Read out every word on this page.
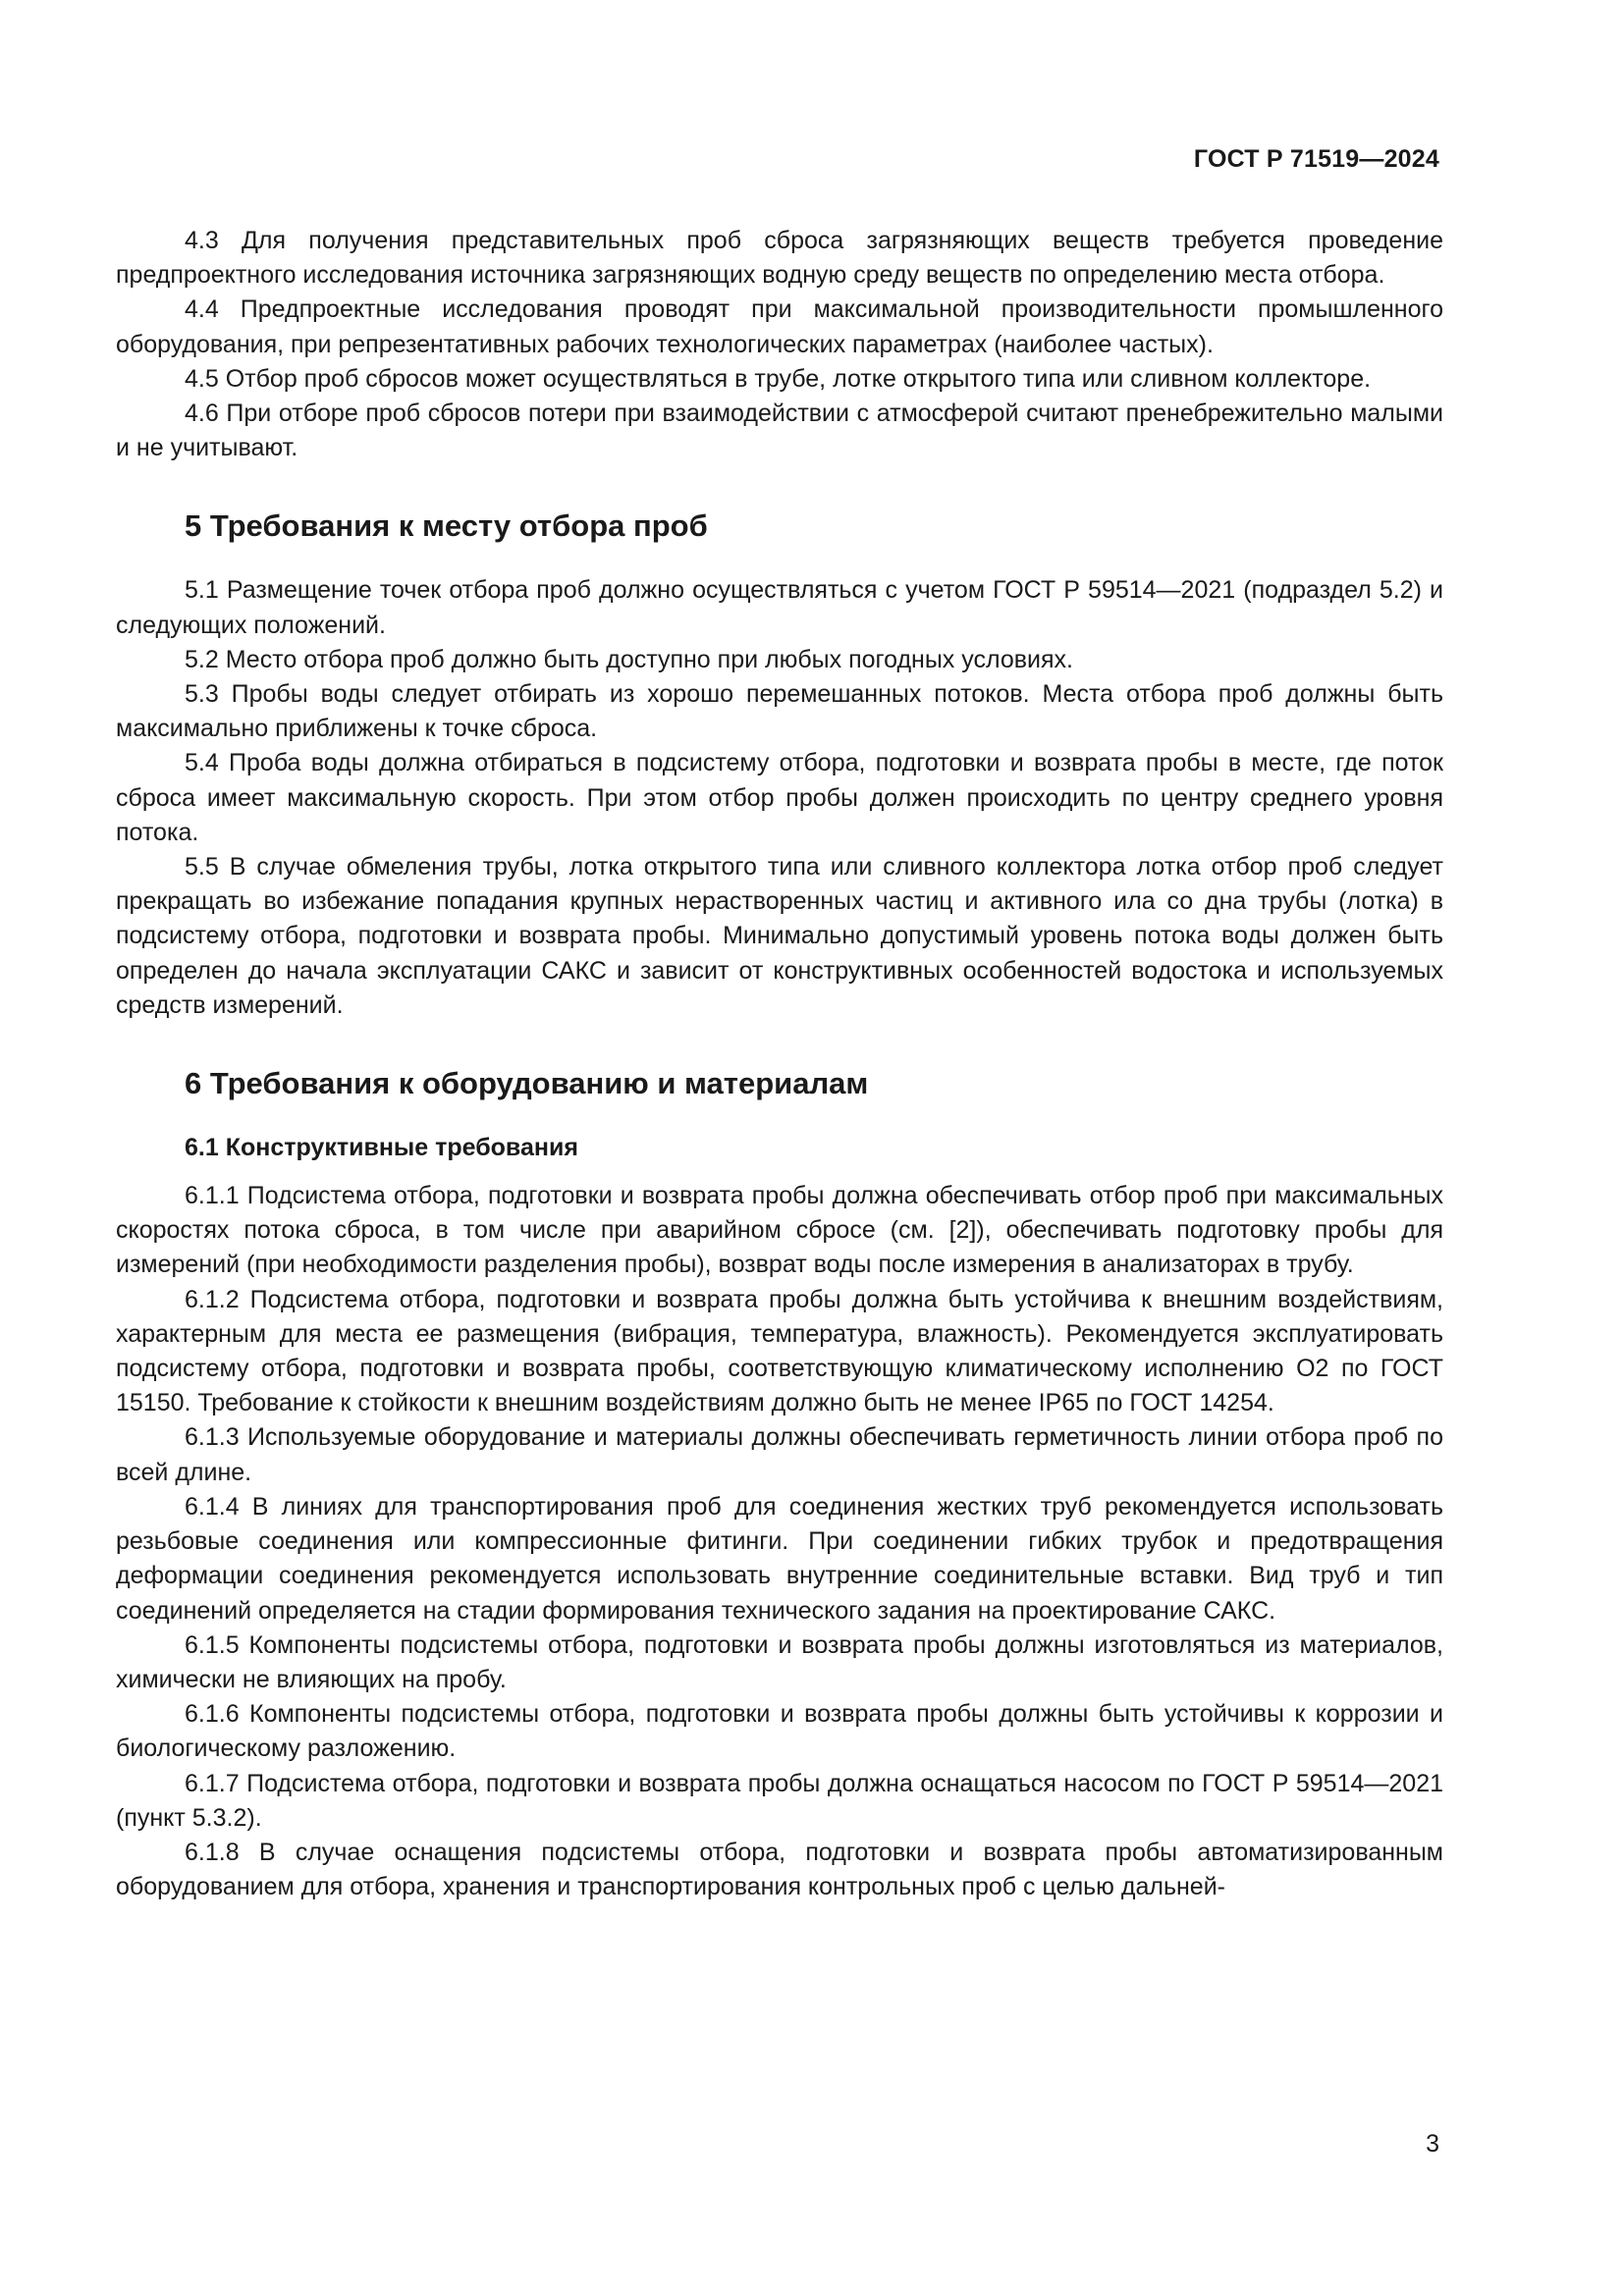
ГОСТ Р 71519—2024

4.3 Для получения представительных проб сброса загрязняющих веществ требуется проведение предпроектного исследования источника загрязняющих водную среду веществ по определению места отбора.

4.4 Предпроектные исследования проводят при максимальной производительности промышленного оборудования, при репрезентативных рабочих технологических параметрах (наиболее частых).

4.5 Отбор проб сбросов может осуществляться в трубе, лотке открытого типа или сливном коллекторе.

4.6 При отборе проб сбросов потери при взаимодействии с атмосферой считают пренебрежительно малыми и не учитывают.

5 Требования к месту отбора проб

5.1 Размещение точек отбора проб должно осуществляться с учетом ГОСТ Р 59514—2021 (подраздел 5.2) и следующих положений.

5.2 Место отбора проб должно быть доступно при любых погодных условиях.

5.3 Пробы воды следует отбирать из хорошо перемешанных потоков. Места отбора проб должны быть максимально приближены к точке сброса.

5.4 Проба воды должна отбираться в подсистему отбора, подготовки и возврата пробы в месте, где поток сброса имеет максимальную скорость. При этом отбор пробы должен происходить по центру среднего уровня потока.

5.5 В случае обмеления трубы, лотка открытого типа или сливного коллектора лотка отбор проб следует прекращать во избежание попадания крупных нерастворенных частиц и активного ила со дна трубы (лотка) в подсистему отбора, подготовки и возврата пробы. Минимально допустимый уровень потока воды должен быть определен до начала эксплуатации САКС и зависит от конструктивных особенностей водостока и используемых средств измерений.

6 Требования к оборудованию и материалам
6.1 Конструктивные требования

6.1.1 Подсистема отбора, подготовки и возврата пробы должна обеспечивать отбор проб при максимальных скоростях потока сброса, в том числе при аварийном сбросе (см. [2]), обеспечивать подготовку пробы для измерений (при необходимости разделения пробы), возврат воды после измерения в анализаторах в трубу.

6.1.2 Подсистема отбора, подготовки и возврата пробы должна быть устойчива к внешним воздействиям, характерным для места ее размещения (вибрация, температура, влажность). Рекомендуется эксплуатировать подсистему отбора, подготовки и возврата пробы, соответствующую климатическому исполнению О2 по ГОСТ 15150. Требование к стойкости к внешним воздействиям должно быть не менее IP65 по ГОСТ 14254.

6.1.3 Используемые оборудование и материалы должны обеспечивать герметичность линии отбора проб по всей длине.

6.1.4 В линиях для транспортирования проб для соединения жестких труб рекомендуется использовать резьбовые соединения или компрессионные фитинги. При соединении гибких трубок и предотвращения деформации соединения рекомендуется использовать внутренние соединительные вставки. Вид труб и тип соединений определяется на стадии формирования технического задания на проектирование САКС.

6.1.5 Компоненты подсистемы отбора, подготовки и возврата пробы должны изготовляться из материалов, химически не влияющих на пробу.

6.1.6 Компоненты подсистемы отбора, подготовки и возврата пробы должны быть устойчивы к коррозии и биологическому разложению.

6.1.7 Подсистема отбора, подготовки и возврата пробы должна оснащаться насосом по ГОСТ Р 59514—2021 (пункт 5.3.2).

6.1.8 В случае оснащения подсистемы отбора, подготовки и возврата пробы автоматизированным оборудованием для отбора, хранения и транспортирования контрольных проб с целью дальней-

3
